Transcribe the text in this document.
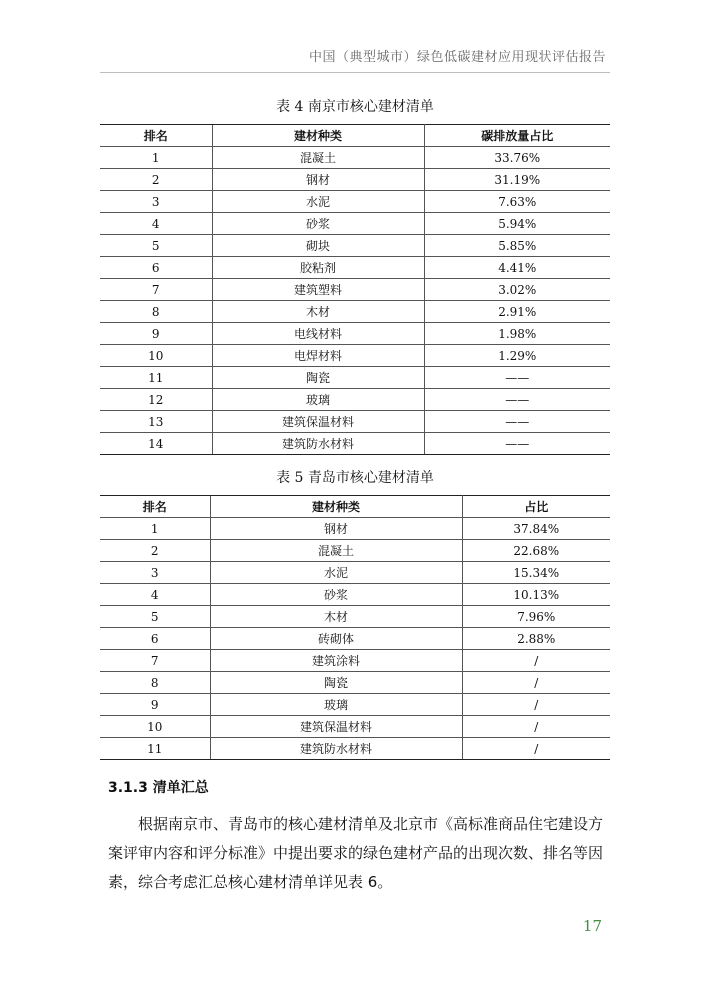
中国（典型城市）绿色低碳建材应用现状评估报告
表 4 南京市核心建材清单
排名	建材种类	碳排放量占比
1	混凝土	33.76%
2	钢材	31.19%
3	水泥	7.63%
4	砂浆	5.94%
5	砌块	5.85%
6	胶粘剂	4.41%
7	建筑塑料	3.02%
8	木材	2.91%
9	电线材料	1.98%
10	电焊材料	1.29%
11	陶瓷	——
12	玻璃	——
13	建筑保温材料	——
14	建筑防水材料	——
表 5 青岛市核心建材清单
排名	建材种类	占比
1	钢材	37.84%
2	混凝土	22.68%
3	水泥	15.34%
4	砂浆	10.13%
5	木材	7.96%
6	砖砌体	2.88%
7	建筑涂料	/
8	陶瓷	/
9	玻璃	/
10	建筑保温材料	/
11	建筑防水材料	/
3.1.3 清单汇总
根据南京市、青岛市的核心建材清单及北京市《高标准商品住宅建设方案评审内容和评分标准》中提出要求的绿色建材产品的出现次数、排名等因素，综合考虑汇总核心建材清单详见表 6。
17
